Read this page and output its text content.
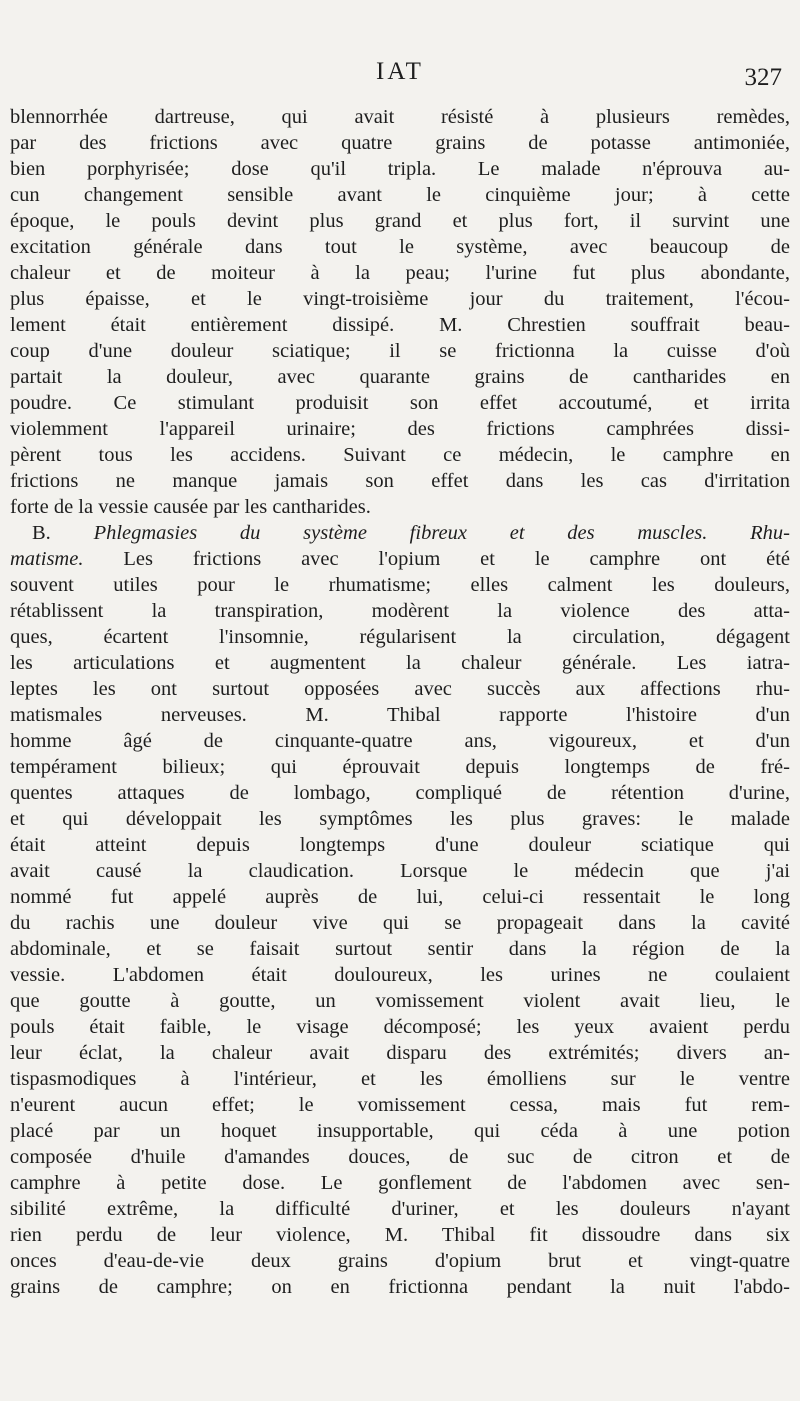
IAT	327
blennorrhée dartreuse, qui avait résisté à plusieurs remèdes,
par des frictions avec quatre grains de potasse antimoniée,
bien porphyrisée; dose qu'il tripla. Le malade n'éprouva au-
cun changement sensible avant le cinquième jour; à cette
époque, le pouls devint plus grand et plus fort, il survint une
excitation générale dans tout le système, avec beaucoup de
chaleur et de moiteur à la peau; l'urine fut plus abondante,
plus épaisse, et le vingt-troisième jour du traitement, l'écou-
lement était entièrement dissipé. M. Chrestien souffrait beau-
coup d'une douleur sciatique; il se frictionna la cuisse d'où
partait la douleur, avec quarante grains de cantharides en
poudre. Ce stimulant produisit son effet accoutumé, et irrita
violemment l'appareil urinaire; des frictions camphrées dissi-
pèrent tous les accidens. Suivant ce médecin, le camphre en
frictions ne manque jamais son effet dans les cas d'irritation
forte de la vessie causée par les cantharides.
B. Phlegmasies du système fibreux et des muscles. Rhu-
matisme. Les frictions avec l'opium et le camphre ont été
souvent utiles pour le rhumatisme; elles calment les douleurs,
rétablissent la transpiration, modèrent la violence des atta-
ques, écartent l'insomnie, régularisent la circulation, dégagent
les articulations et augmentent la chaleur générale. Les iatra-
leptes les ont surtout opposées avec succès aux affections rhu-
matismales nerveuses. M. Thibal rapporte l'histoire d'un
homme âgé de cinquante-quatre ans, vigoureux, et d'un
tempérament bilieux; qui éprouvait depuis longtemps de fré-
quentes attaques de lombago, compliqué de rétention d'urine,
et qui développait les symptômes les plus graves: le malade
était atteint depuis longtemps d'une douleur sciatique qui
avait causé la claudication. Lorsque le médecin que j'ai
nommé fut appelé auprès de lui, celui-ci ressentait le long
du rachis une douleur vive qui se propageait dans la cavité
abdominale, et se faisait surtout sentir dans la région de la
vessie. L'abdomen était douloureux, les urines ne coulaient
que goutte à goutte, un vomissement violent avait lieu, le
pouls était faible, le visage décomposé; les yeux avaient perdu
leur éclat, la chaleur avait disparu des extrémités; divers an-
tispasmodiques à l'intérieur, et les émolliens sur le ventre
n'eurent aucun effet; le vomissement cessa, mais fut rem-
placé par un hoquet insupportable, qui céda à une potion
composée d'huile d'amandes douces, de suc de citron et de
camphre à petite dose. Le gonflement de l'abdomen avec sen-
sibilité extrême, la difficulté d'uriner, et les douleurs n'ayant
rien perdu de leur violence, M. Thibal fit dissoudre dans six
onces d'eau-de-vie deux grains d'opium brut et vingt-quatre
grains de camphre; on en frictionna pendant la nuit l'abdo-
